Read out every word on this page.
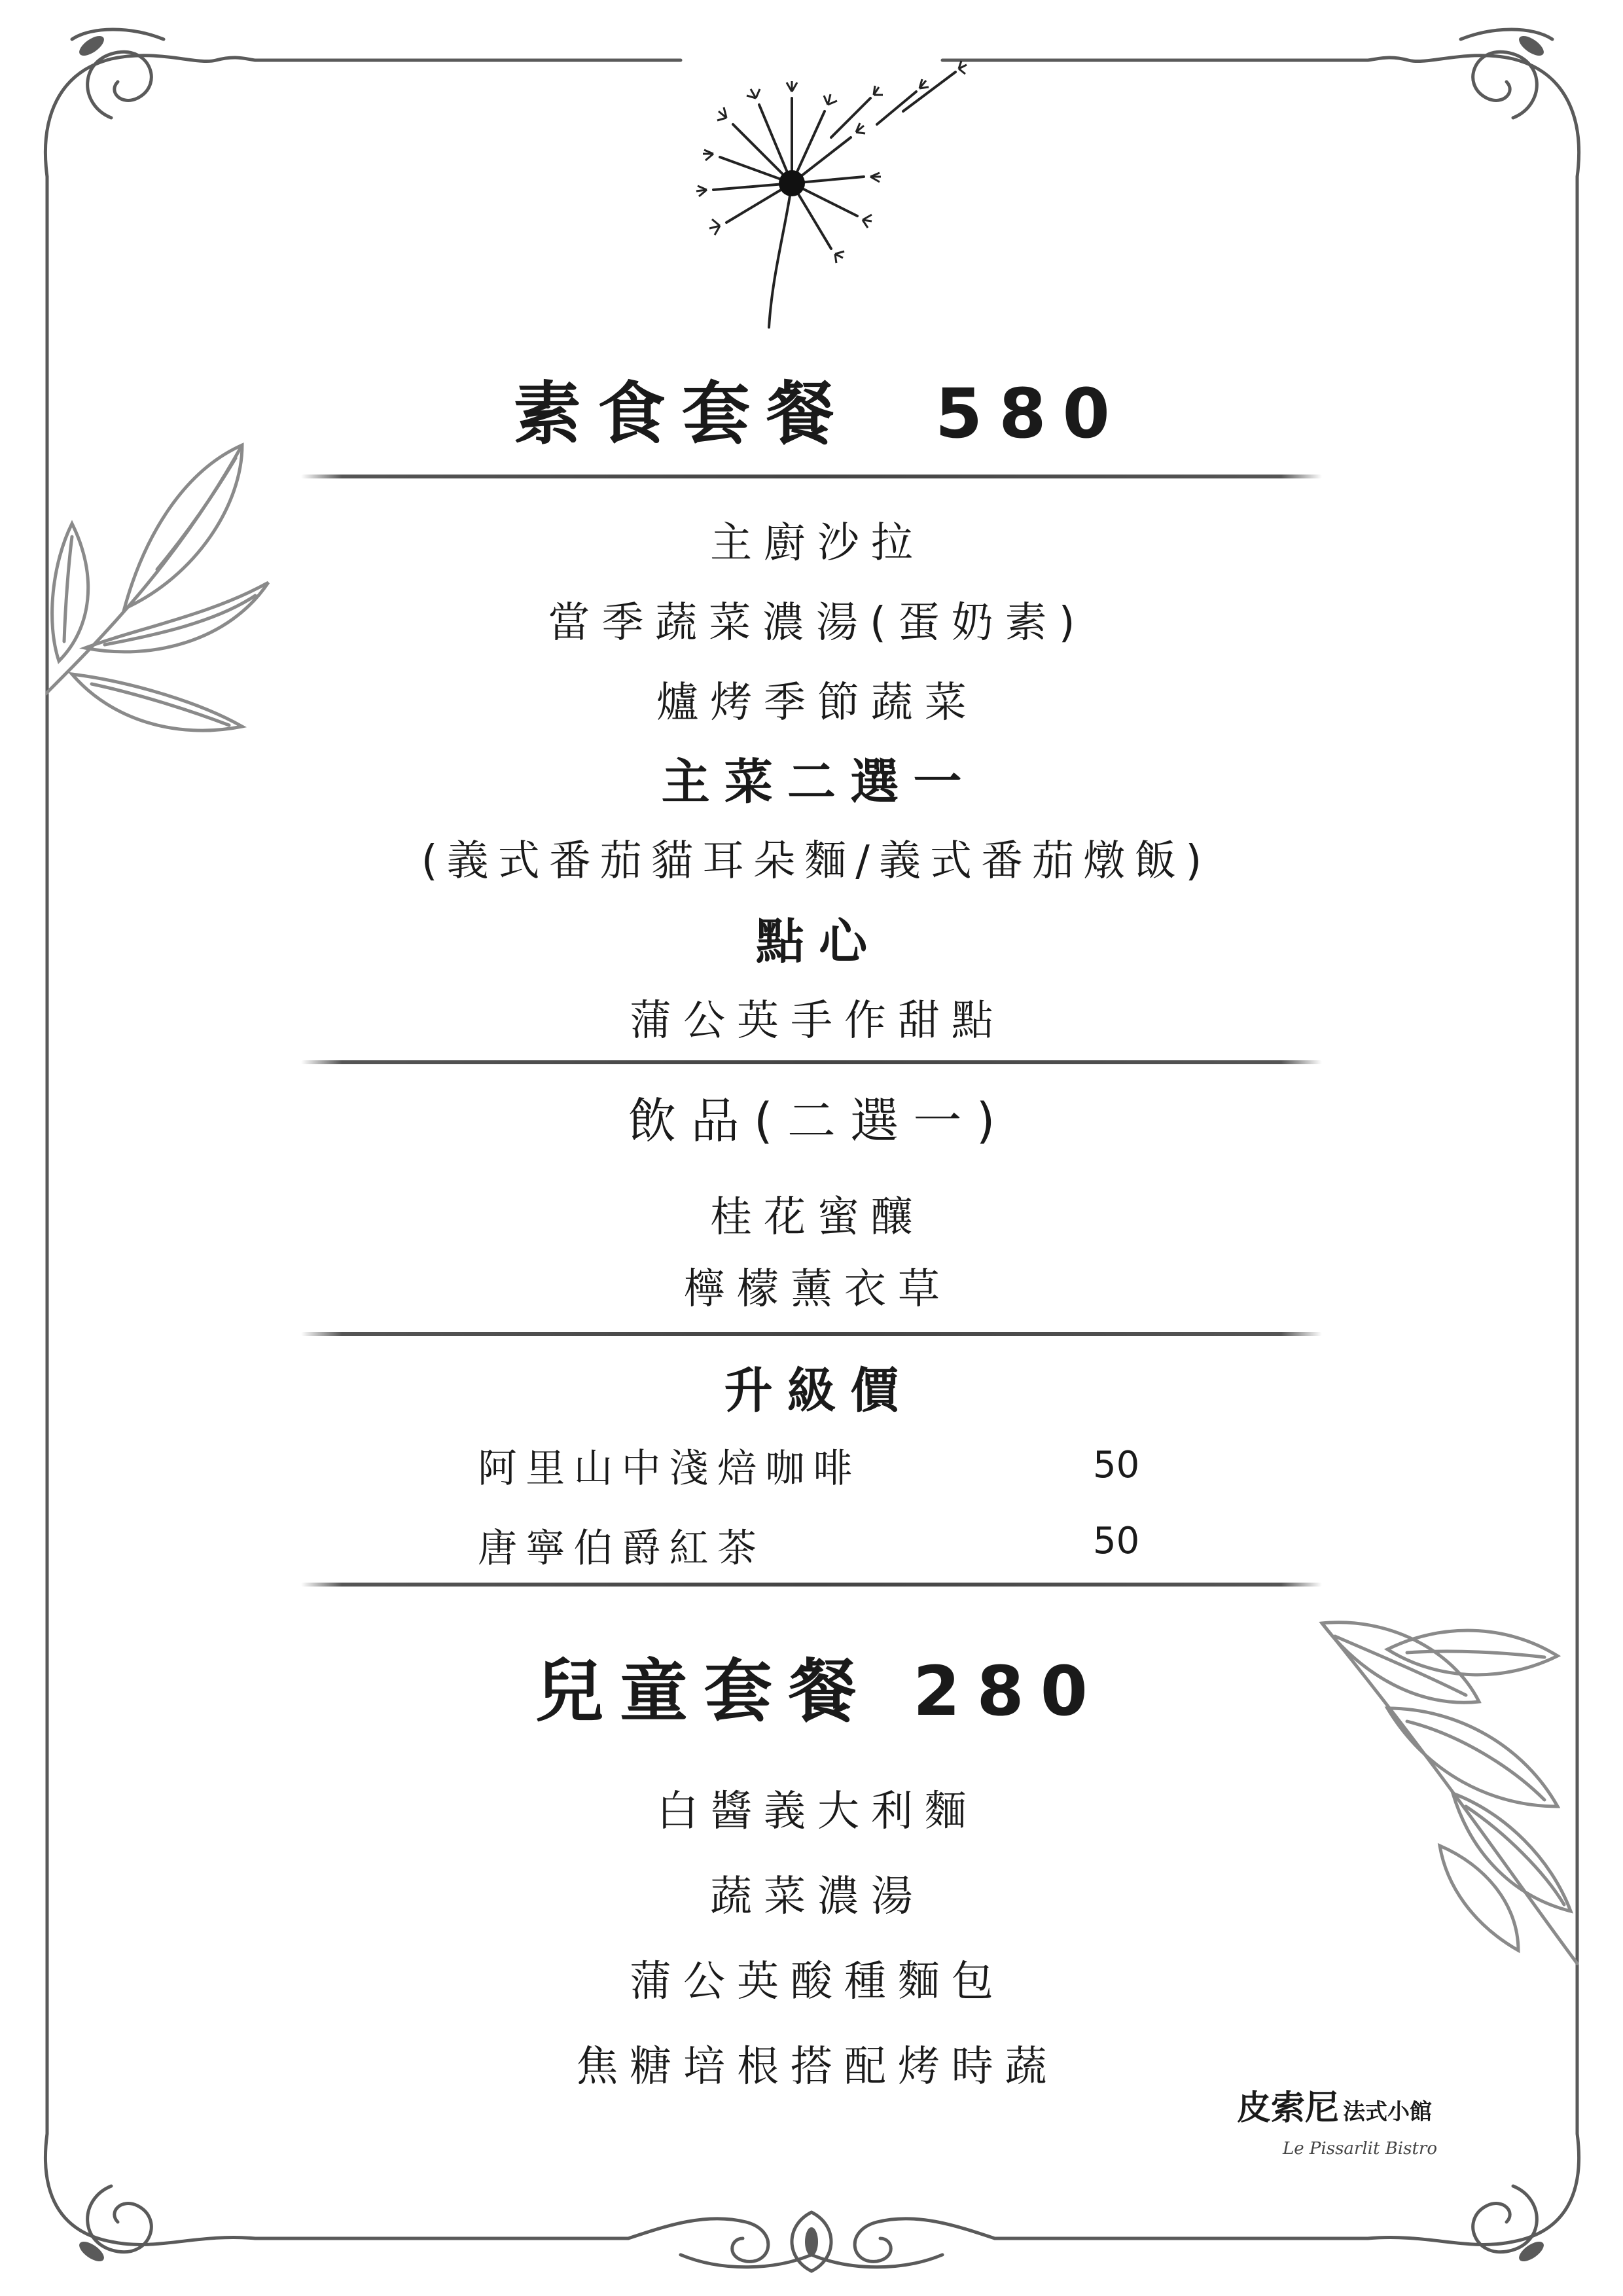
素食套餐　580
主廚沙拉
當季蔬菜濃湯(蛋奶素)
爐烤季節蔬菜
主菜二選一
(義式番茄貓耳朵麵/義式番茄燉飯)
點心
蒲公英手作甜點
飲品(二選一)
桂花蜜釀
檸檬薰衣草
升級價
阿里山中淺焙咖啡	50
唐寧伯爵紅茶	50
兒童套餐 280
白醬義大利麵
蔬菜濃湯
蒲公英酸種麵包
焦糖培根搭配烤時蔬
皮索尼 法式小館
Le Pissarlit Bistro
